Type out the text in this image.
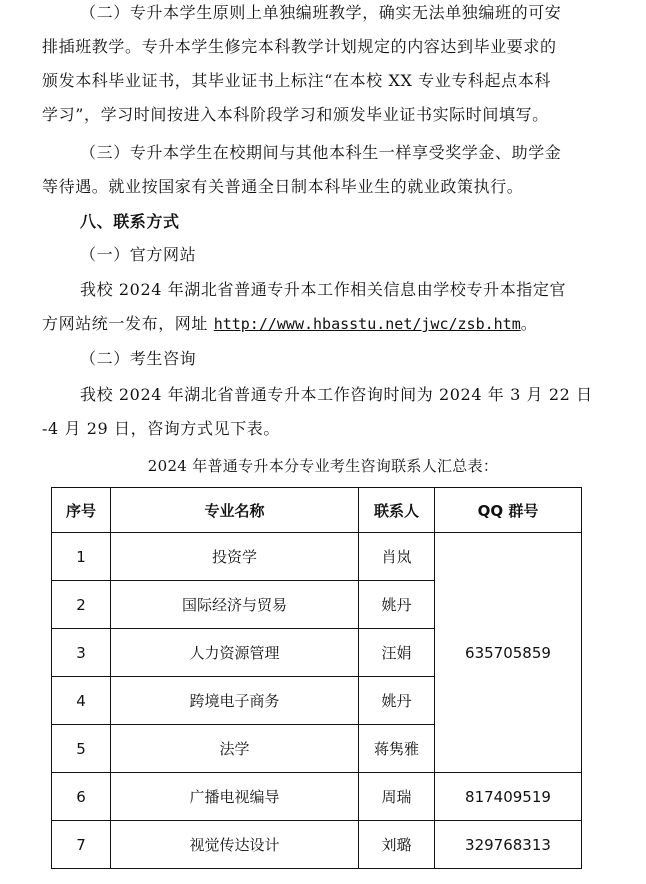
（二）专升本学生原则上单独编班教学，确实无法单独编班的可安
排插班教学。专升本学生修完本科教学计划规定的内容达到毕业要求的
颁发本科毕业证书，其毕业证书上标注“在本校 XX 专业专科起点本科
学习”，学习时间按进入本科阶段学习和颁发毕业证书实际时间填写。
（三）专升本学生在校期间与其他本科生一样享受奖学金、助学金
等待遇。就业按国家有关普通全日制本科毕业生的就业政策执行。
八、联系方式
（一）官方网站
我校 2024 年湖北省普通专升本工作相关信息由学校专升本指定官
方网站统一发布，网址 http://www.hbasstu.net/jwc/zsb.htm。
（二）考生咨询
我校 2024 年湖北省普通专升本工作咨询时间为 2024 年 3 月 22 日
-4 月 29 日，咨询方式见下表。
2024 年普通专升本分专业考生咨询联系人汇总表：
序号	专业名称	联系人	QQ 群号
1	投资学	肖岚	635705859
2	国际经济与贸易	姚丹	
3	人力资源管理	汪娟	
4	跨境电子商务	姚丹	
5	法学	蒋隽雅	
6	广播电视编导	周瑞	817409519
7	视觉传达设计	刘璐	329768313
